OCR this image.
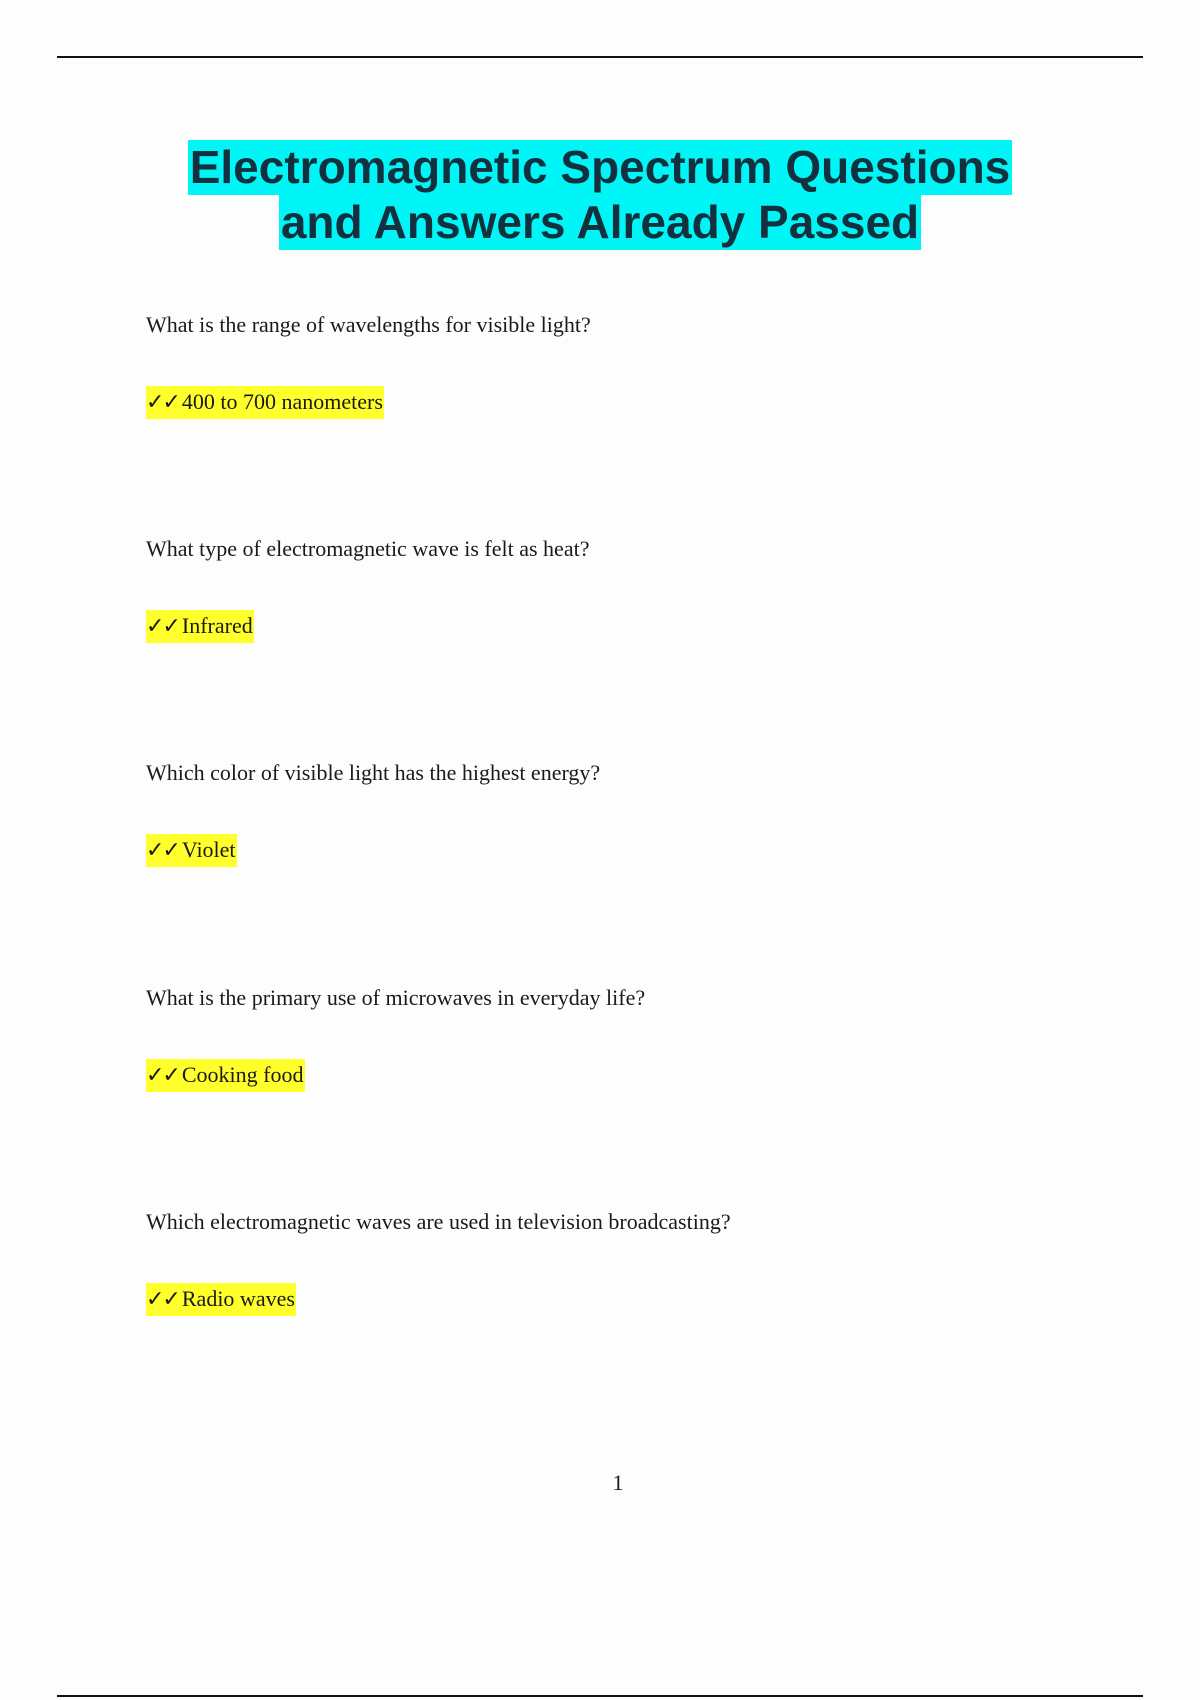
Electromagnetic Spectrum Questions
and Answers Already Passed

What is the range of wavelengths for visible light?

✓✓ 400 to 700 nanometers

What type of electromagnetic wave is felt as heat?

✓✓ Infrared

Which color of visible light has the highest energy?

✓✓ Violet

What is the primary use of microwaves in everyday life?

✓✓ Cooking food

Which electromagnetic waves are used in television broadcasting?

✓✓ Radio waves
1
